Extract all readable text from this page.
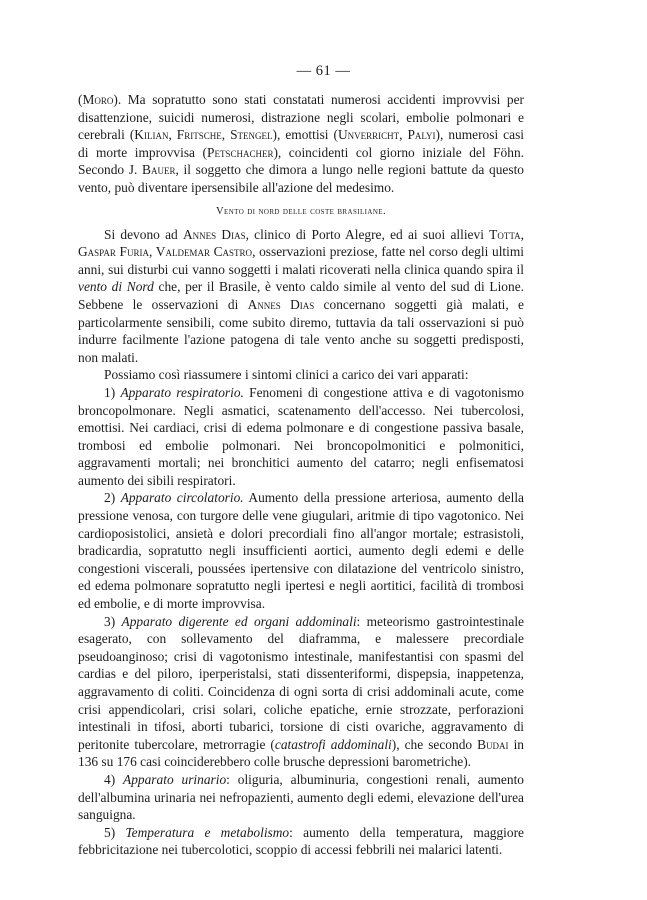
— 61 —

(Moro). Ma sopratutto sono stati constatati numerosi accidenti improvvisi per disattenzione, suicidi numerosi, distrazione negli scolari, embolie polmonari e cerebrali (Kilian, Fritsche, Stengel), emottisi (Unverricht, Palyi), numerosi casi di morte improvvisa (Petschacher), coincidenti col giorno iniziale del Föhn. Secondo J. Bauer, il soggetto che dimora a lungo nelle regioni battute da questo vento, può diventare ipersensibile all'azione del medesimo.

Vento di nord delle coste brasiliane.

Si devono ad Annes Dias, clinico di Porto Alegre, ed ai suoi allievi Totta, Gaspar Furia, Valdemar Castro, osservazioni preziose, fatte nel corso degli ultimi anni, sui disturbi cui vanno soggetti i malati ricoverati nella clinica quando spira il vento di Nord che, per il Brasile, è vento caldo simile al vento del sud di Lione. Sebbene le osservazioni di Annes Dias concernano soggetti già malati, e particolarmente sensibili, come subito diremo, tuttavia da tali osservazioni si può indurre facilmente l'azione patogena di tale vento anche su soggetti predisposti, non malati.

Possiamo così riassumere i sintomi clinici a carico dei vari apparati:

1) Apparato respiratorio. Fenomeni di congestione attiva e di vagotonismo broncopolmonare. Negli asmatici, scatenamento dell'accesso. Nei tubercolosi, emottisi. Nei cardiaci, crisi di edema polmonare e di congestione passiva basale, trombosi ed embolie polmonari. Nei broncopolmonitici e polmonitici, aggravamenti mortali; nei bronchitici aumento del catarro; negli enfisematosi aumento dei sibili respiratori.

2) Apparato circolatorio. Aumento della pressione arteriosa, aumento della pressione venosa, con turgore delle vene giugulari, aritmie di tipo vagotonico. Nei cardioposistolici, ansietà e dolori precordiali fino all'angor mortale; estrasistoli, bradicardia, sopratutto negli insufficienti aortici, aumento degli edemi e delle congestioni viscerali, poussées ipertensive con dilatazione del ventricolo sinistro, ed edema polmonare sopratutto negli ipertesi e negli aortitici, facilità di trombosi ed embolie, e di morte improvvisa.

3) Apparato digerente ed organi addominali: meteorismo gastrointestinale esagerato, con sollevamento del diaframma, e malessere precordiale pseudoanginoso; crisi di vagotonismo intestinale, manifestantisi con spasmi del cardias e del piloro, iperperistalsi, stati dissenteriformi, dispepsia, inappetenza, aggravamento di coliti. Coincidenza di ogni sorta di crisi addominali acute, come crisi appendicolari, crisi solari, coliche epatiche, ernie strozzate, perforazioni intestinali in tifosi, aborti tubarici, torsione di cisti ovariche, aggravamento di peritonite tubercolare, metrorragie (catastrofi addominali), che secondo Budai in 136 su 176 casi coinciderebbero colle brusche depressioni barometriche).

4) Apparato urinario: oliguria, albuminuria, congestioni renali, aumento dell'albumina urinaria nei nefropazienti, aumento degli edemi, elevazione dell'urea sanguigna.

5) Temperatura e metabolismo: aumento della temperatura, maggiore febbricitazione nei tubercolotici, scoppio di accessi febbrili nei malarici latenti.
